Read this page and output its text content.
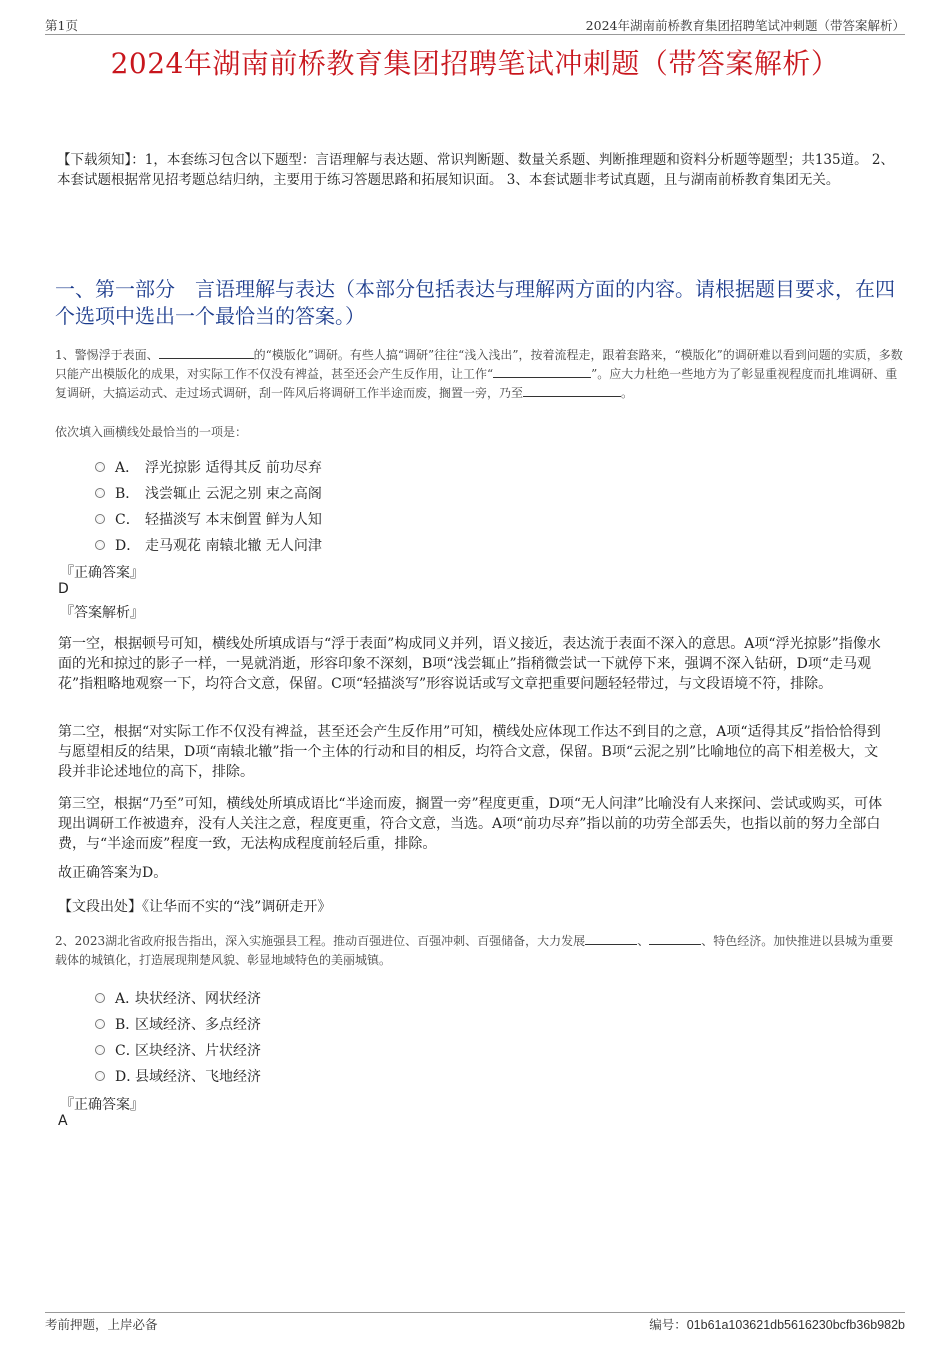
第1页	2024年湖南前桥教育集团招聘笔试冲刺题（带答案解析）
2024年湖南前桥教育集团招聘笔试冲刺题（带答案解析）
【下载须知】：1，本套练习包含以下题型：言语理解与表达题、常识判断题、数量关系题、判断推理题和资料分析题等题型；共135道。 2、本套试题根据常见招考题总结归纳，主要用于练习答题思路和拓展知识面。 3、本套试题非考试真题，且与湖南前桥教育集团无关。
一、第一部分　言语理解与表达（本部分包括表达与理解两方面的内容。请根据题目要求，在四个选项中选出一个最恰当的答案。）
1、警惕浮于表面、	的“模版化”调研。有些人搞“调研”往往“浅入浅出”，按着流程走，跟着套路来，“模版化”的调研难以看到问题的实质，多数只能产出模版化的成果，对实际工作不仅没有裨益，甚至还会产生反作用，让工作“	”。应大力杜绝一些地方为了彰显重视程度而扎堆调研、重复调研，大搞运动式、走过场式调研，刮一阵风后将调研工作半途而废，搁置一旁，乃至	。
依次填入画横线处最恰当的一项是：
A． 浮光掠影 适得其反 前功尽弃
B． 浅尝辄止 云泥之别 束之高阁
C． 轻描淡写 本末倒置 鲜为人知
D． 走马观花 南辕北辙 无人问津
『正确答案』
D
『答案解析』
第一空，根据顿号可知，横线处所填成语与“浮于表面”构成同义并列，语义接近，表达流于表面不深入的意思。A项“浮光掠影”指像水面的光和掠过的影子一样，一晃就消逝，形容印象不深刻，B项“浅尝辄止”指稍微尝试一下就停下来，强调不深入钻研，D项“走马观花”指粗略地观察一下，均符合文意，保留。C项“轻描淡写”形容说话或写文章把重要问题轻轻带过，与文段语境不符，排除。
第二空，根据“对实际工作不仅没有裨益，甚至还会产生反作用”可知，横线处应体现工作达不到目的之意，A项“适得其反”指恰恰得到与愿望相反的结果，D项“南辕北辙”指一个主体的行动和目的相反，均符合文意，保留。B项“云泥之别”比喻地位的高下相差极大，文段并非论述地位的高下，排除。
第三空，根据“乃至”可知，横线处所填成语比“半途而废，搁置一旁”程度更重，D项“无人问津”比喻没有人来探问、尝试或购买，可体现出调研工作被遗弃，没有人关注之意，程度更重，符合文意，当选。A项“前功尽弃”指以前的功劳全部丢失，也指以前的努力全部白费，与“半途而废”程度一致，无法构成程度前轻后重，排除。
故正确答案为D。
【文段出处】《让华而不实的“浅”调研走开》
2、2023湖北省政府报告指出，深入实施强县工程。推动百强进位、百强冲刺、百强储备，大力发展	、	、特色经济。加快推进以县城为重要载体的城镇化，打造展现荆楚风貌、彰显地域特色的美丽城镇。
A．
块状经济、网状经济
B．
区域经济、多点经济
C．
区块经济、片状经济
D．
县域经济、飞地经济
『正确答案』
A
考前押题，上岸必备	编号：01b61a103621db5616230bcfb36b982b
